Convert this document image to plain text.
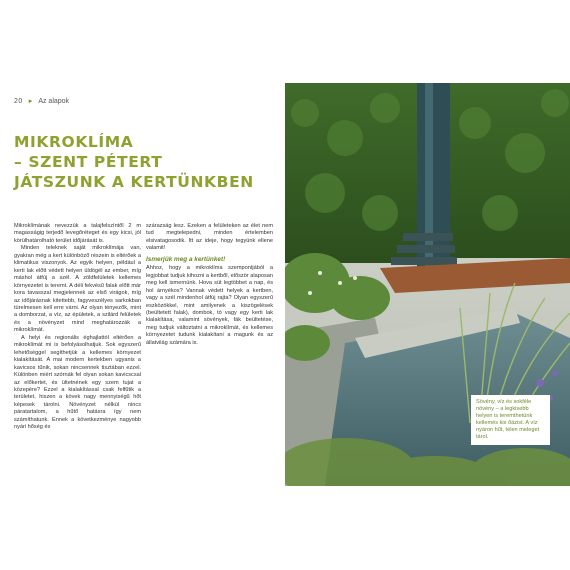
20 ▸ Az alapok
MIKROKLÍMA
– SZENT PÉTERT
JÁTSZUNK A KERTÜNKBEN

Mikroklímának nevezzük a talajfelszíntől 2 m magasságig terjedő levegőréteget és egy kicsi, jól körülhatárolható terület időjárását is.

Minden teleknek saját mikroklímája van, gyakran még a kert különböző részein is eltérőek a klimatikus viszonyok. Az egyik helyen, például a kerti lak előtt védett helyen üldögél az ember, míg máshol átfúj a szél. A zöldfelületek kellemes környezetet is teremt. A déli fekvésű falak előtt már kora tavasszal megjelennek az első virágok, míg az időjárásnak kitettebb, fagyveszélyes sarkokban türelmesen kell erre várni. Az olyan tényezők, mint a domborzat, a víz, az épületek, a szilárd felületek és a növényzet mind meghatározzák a mikroklímát.

A helyi és regionális éghajlattól eltérően a mikroklímát mi is befolyásolhatjuk. Sok egyszerű lehetőséggel segíthetjük a kellemes környezet kialakítását. A mai modern kertekben ugyanis a kavicsos tűnik, sokan nincsennek tisztában ezzel. Különben miért szórnák fel olyan sokan kavicscsal az előkertet, és ültetnének egy szem tujat a közepére? Ezzel a kialakítással csak felfűtik a területet, hiszen a kövek nagy mennyiségű hőt képesek tárolni. Növényzet nélkül nincs páratartalom, a hűtő hatásra így nem számíthatunk. Ennek a következménye nagyobb nyári hőség és

szárazság lesz. Ezeken a felületeken az élet nem tud megtelepedni, minden értelemben elsivatagosodik. Itt az ideje, hogy tegyünk ellene valamit!

Ismerjük meg a kertünket!

Ahhoz, hogy a mikroklíma szempontjából a legjobbat tudjuk kihozni a kertből, először alaposan meg kell ismernünk. Hova süt legtöbbet a nap, és hol árnyékos? Vannak védett helyek a kertben, vagy a szél mindenhol átfúj rajta? Olyan egyszerű eszközökkel, mint amilyenek a kiszögelések (beültetett falak), dombok, tó vagy egy kerti lak kialakítása, valamint sövények, fák beültetése, meg tudjuk változtatni a mikroklímát, és kellemes környezetet tudunk kialakítani a magunk és az állatvilág számára is.

Sövény, víz és sokféle növény – a legkisebb helyen is teremthetünk kellemés kis őázist. A víz nyáron hűt, télen meleget tárol.
